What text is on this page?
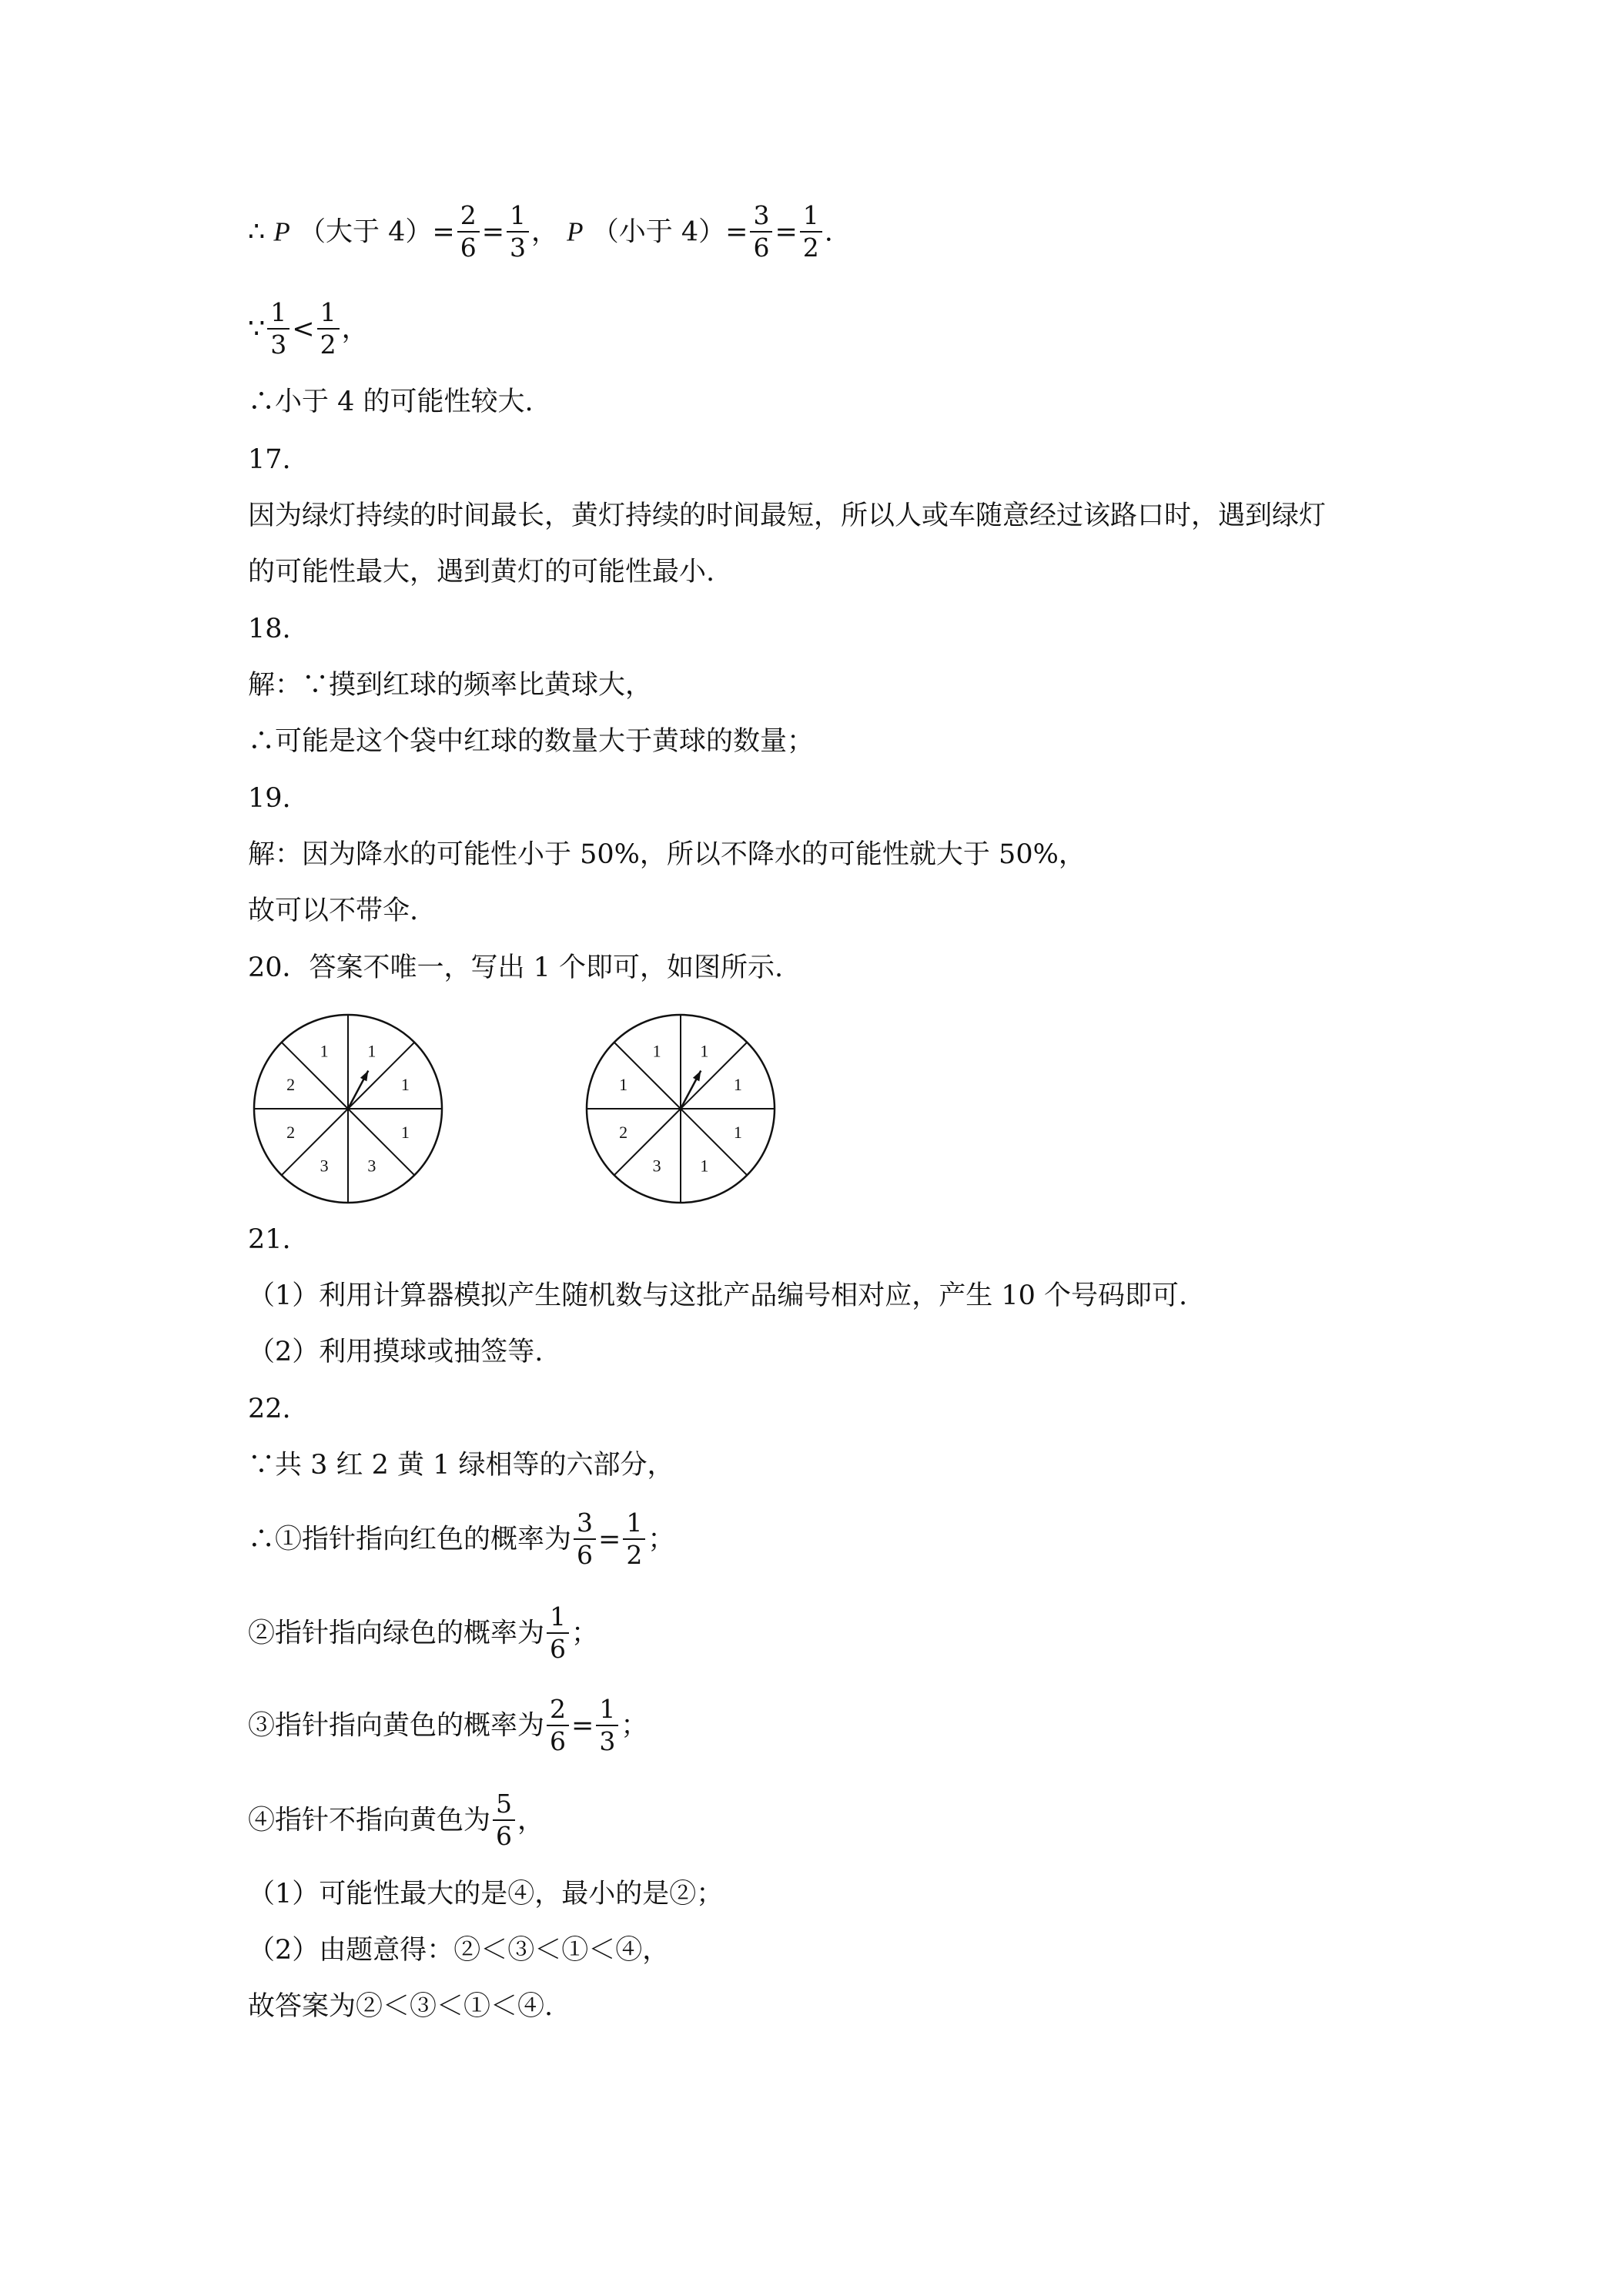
∴ P （大于 $4)= \frac{2}{6} = \frac{1}{3}$ ， P （小于 $4)= \frac{3}{6} = \frac{1}{2}$ .
∵ $\frac{1}{3} < \frac{1}{2}$ ，
∴小于 4 的可能性较大.
17.
因为绿灯持续的时间最长，黄灯持续的时间最短，所以人或车随意经过该路口时，遇到绿灯
的可能性最大，遇到黄灯的可能性最小.
18.
解：∵摸到红球的频率比黄球大，
∴可能是这个袋中红球的数量大于黄球的数量；
19.
解：因为降水的可能性小于 50%，所以不降水的可能性就大于 50%，
故可以不带伞.
20．答案不唯一，写出 1 个即可，如图所示.
1
1
1
3
3
2
2
1	1
1
1
1
3
2
1
1
21.
（1）利用计算器模拟产生随机数与这批产品编号相对应，产生 10 个号码即可.
（2）利用摸球或抽签等.
22.
∵共 3 红 2 黄 1 绿相等的六部分，
∴①指针指向红色的概率为 $\frac{3}{6} = \frac{1}{2}$ ；
②指针指向绿色的概率为 $\frac{1}{6}$ ；
③指针指向黄色的概率为 $\frac{2}{6} = \frac{1}{3}$ ；
④指针不指向黄色为 $\frac{5}{6}$ ，
（1）可能性最大的是④，最小的是②；
（2）由题意得：②＜③＜①＜④，
故答案为②＜③＜①＜④.
